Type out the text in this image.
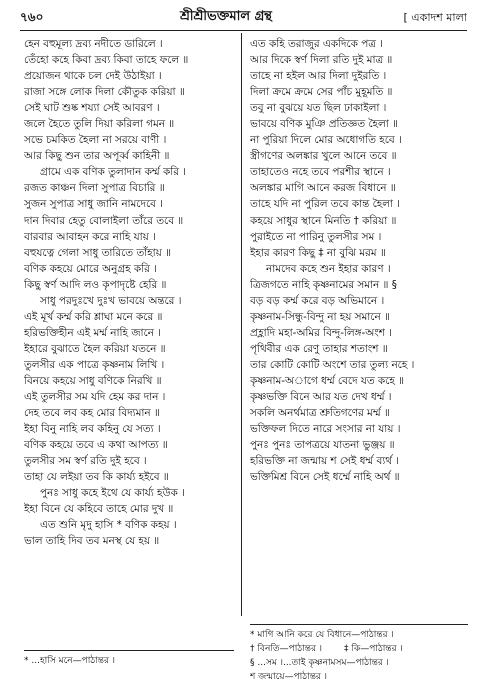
৭৬০	শ্রীশ্রীভক্তমাল গ্রন্থ	[ একাদশ মালা
হেন বহুমূল্য দ্রব্য নদীতে ডারিলে ।
তেঁহো কহে কিবা দ্রব্য কিবা তাহে ফলে ॥
প্রয়োজন থাকে চল দেই উঠাইয়া ।
রাজা সঙ্গে লোক দিলা কৌতুক করিয়া ॥
সেই ঘাট শুষ্ক শয্যা সেই আবরণ ।
জলে হৈতে তুলি দিয়া করিলা গমন ॥
সভে চমকিত হৈলা না সরয়ে বাণী ।
আর কিছু শুন তার অপূর্ব্ব কাহিনী ॥
গ্রামে এক বণিক তুলাদান কর্ম্ম করি ।
রজত কাঞ্চন দিলা সুপাত্র বিচারি ॥
সুজন সুপাত্র সাধু জানি নামদেবে ।
দান দিবার হেতু বোলাইলা তাঁরে তবে ॥
বারবার আবাহন করে নাহি যায় ।
বহুযত্নে গেলা সাধু তারিতে তাঁহায় ॥
বণিক কহয়ে মোরে অনুগ্রহ করি ।
কিছু স্বর্ণ আদি লও কৃপাদৃষ্টে হেরি ॥
সাধু পরদুঃখে দুঃখ ভাবয়ে অন্তরে ।
এই মূর্খ কর্ম্ম করি শ্লাঘা মনে করে ॥
হরিভক্তিহীন এই মর্ম্ম নাহি জানে ।
ইহারে বুঝাতে হৈল করিয়া যতনে ॥
তুলসীর এক পাত্রে কৃষ্ণনাম লিখি ।
বিনয়ে কহয়ে সাধু বণিকে নিরখি ॥
এই তুলসীর সম যদি হেম কর দান ।
দেহ তবে লব কহ মোর বিদ্যমান ॥
ইহা বিনু নাহি লব কহিনু যে সত্য ।
বণিক কহয়ে তবে এ কথা আপত্য ॥
তুলসীর সম স্বর্ণ রতি দুই হবে ।
তাহা যে লইয়া তব কি কার্য্য হইবে ॥
পুনঃ সাধু কহে ইথে যে কার্য্য হউক ।
ইহা বিনে যে কহিবে তাহে মোর দুখ ॥
এত শুনি মৃদু হাসি * বণিক কহয় ।
ভাল তাহি দিব তব মনস্থ যে হয় ॥
এত কহি তরাজুর একদিকে পত্র ।
আর দিকে স্বর্ণ দিলা রতি দুই মাত্র ॥
তাহে না হইল আর দিলা দুইরতি ।
দিলা ক্রমে ক্রমে সের পাঁচ মুহূমতি ॥
তবু না বুঝয়ে যত ছিল ঢাকাইলা ।
ভাবয়ে বণিক মুঞি প্রতিজ্ঞত হৈলা ॥
না পুরিয়া দিলে মোর অধোগতি হবে ।
স্ত্রীগণের অলঙ্কার খুলে আনে তবে ॥
তাহাতেও নহে তবে পরশীর স্থানে ।
অলঙ্কার মাগি আনে করজ বিধানে ॥
তাহে যদি না পুরিল তবে কান্ত হৈলা ।
কহয়ে সাধুর স্থানে মিনতি † করিয়া ॥
পুরাইতে না পারিনু তুলসীর সম ।
ইহার কারণ কিছু ‡ না বুঝি মরম ॥
নামদেব কহে শুন ইহার কারণ ।
ত্রিজগতে নাহি কৃষ্ণনামের সমান ॥ §
বড় বড় কর্ম্ম করে বড় অভিমানে ।
কৃষ্ণনাম-সিন্ধু-বিন্দু না হয় সমানে ॥
প্রহ্লাদি মহা-অমির বিন্দু-লিঙ্গ-অংশ ।
পৃথিবীর এক রেণু তাহার শতাংশ ॥
তার কোটি কোটি অংশে তার তুল্য নহে ।
কৃষ্ণনাম-অাগে ধর্ম্ম বেদে যত কহে ॥
কৃষ্ণভক্তি বিনে আর যত দেখ ধর্ম্ম ।
সকলি অনর্থমাত্র শ্রুতিগণের মর্ম্ম ॥
ভক্তিফল দিতে নারে সংসার না যায় ।
পুনঃ পুনঃ তাপত্রয়ে যাতনা ভুঞ্জয় ॥
হরিভক্তি না জন্মায় শ সেই ধর্ম্ম ব্যর্থ ।
ভক্তিমিশ্র বিনে সেই ধর্ম্মে নাহি অর্থ ॥
* মাগি আনি করে যে বিধানে—পাঠান্তর ।
† বিনতি—পাঠান্তর । ‡ কি—পাঠান্তর ।
§ ...সম ।...তাই কৃষ্ণনামসম—পাঠান্তর ।
শ জন্মায়ে—পাঠান্তর ।
* ...হাসি মনে—পাঠান্তর ।
